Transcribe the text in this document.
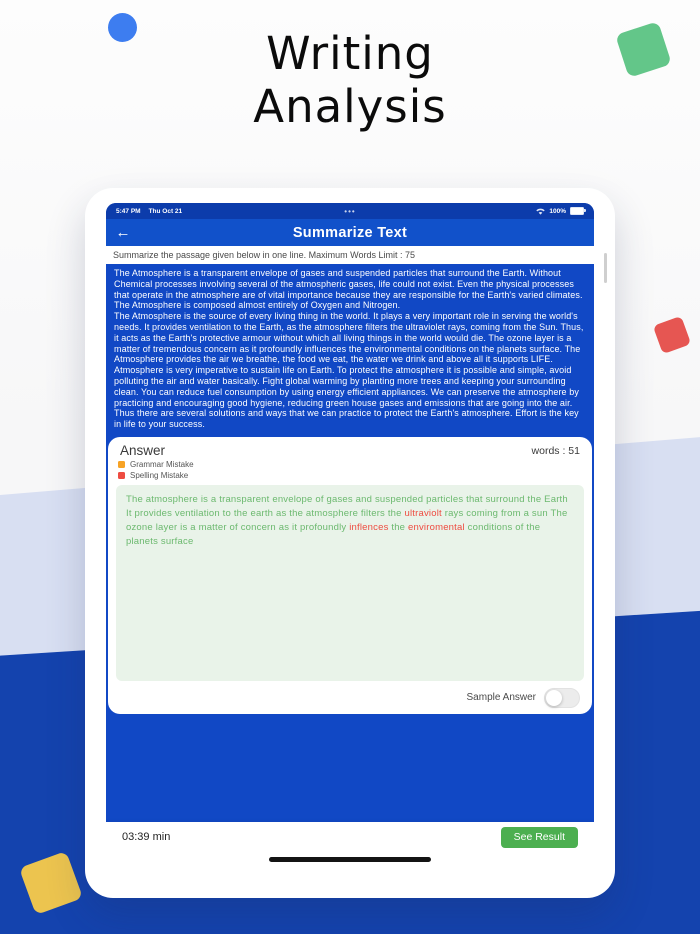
Writing
Analysis
5:47 PM Thu Oct 21	•••	100%
←	Summarize Text
Summarize the passage given below in one line. Maximum Words Limit : 75

The Atmosphere is a transparent envelope of gases and suspended particles that surround the Earth. Without Chemical processes involving several of the atmospheric gases, life could not exist. Even the physical processes that operate in the atmosphere are of vital importance because they are responsible for the Earth's varied climates. The Atmosphere is composed almost entirely of Oxygen and Nitrogen.

The Atmosphere is the source of every living thing in the world. It plays a very important role in serving the world's needs. It provides ventilation to the Earth, as the atmosphere filters the ultraviolet rays, coming from the Sun. Thus, it acts as the Earth's protective armour without which all living things in the world would die. The ozone layer is a matter of tremendous concern as it profoundly influences the environmental conditions on the planets surface. The Atmosphere provides the air we breathe, the food we eat, the water we drink and above all it supports LIFE.

Atmosphere is very imperative to sustain life on Earth. To protect the atmosphere it is possible and simple, avoid polluting the air and water basically. Fight global warming by planting more trees and keeping your surrounding clean. You can reduce fuel consumption by using energy efficient appliances. We can preserve the atmosphere by practicing and encouraging good hygiene, reducing green house gases and emissions that are going into the air. Thus there are several solutions and ways that we can practice to protect the Earth's atmosphere. Effort is the key in life to your success.

Answer	words : 51
Grammar Mistake
Spelling Mistake
The atmosphere is a transparent envelope of gases and suspended particles that surround the Earth It provides ventilation to the earth as the atmosphere filters the ultraviolt rays coming from a sun The ozone layer is a matter of concern as it profoundly inflences the enviromental conditions of the planets surface
Sample Answer
03:39 min	See Result
